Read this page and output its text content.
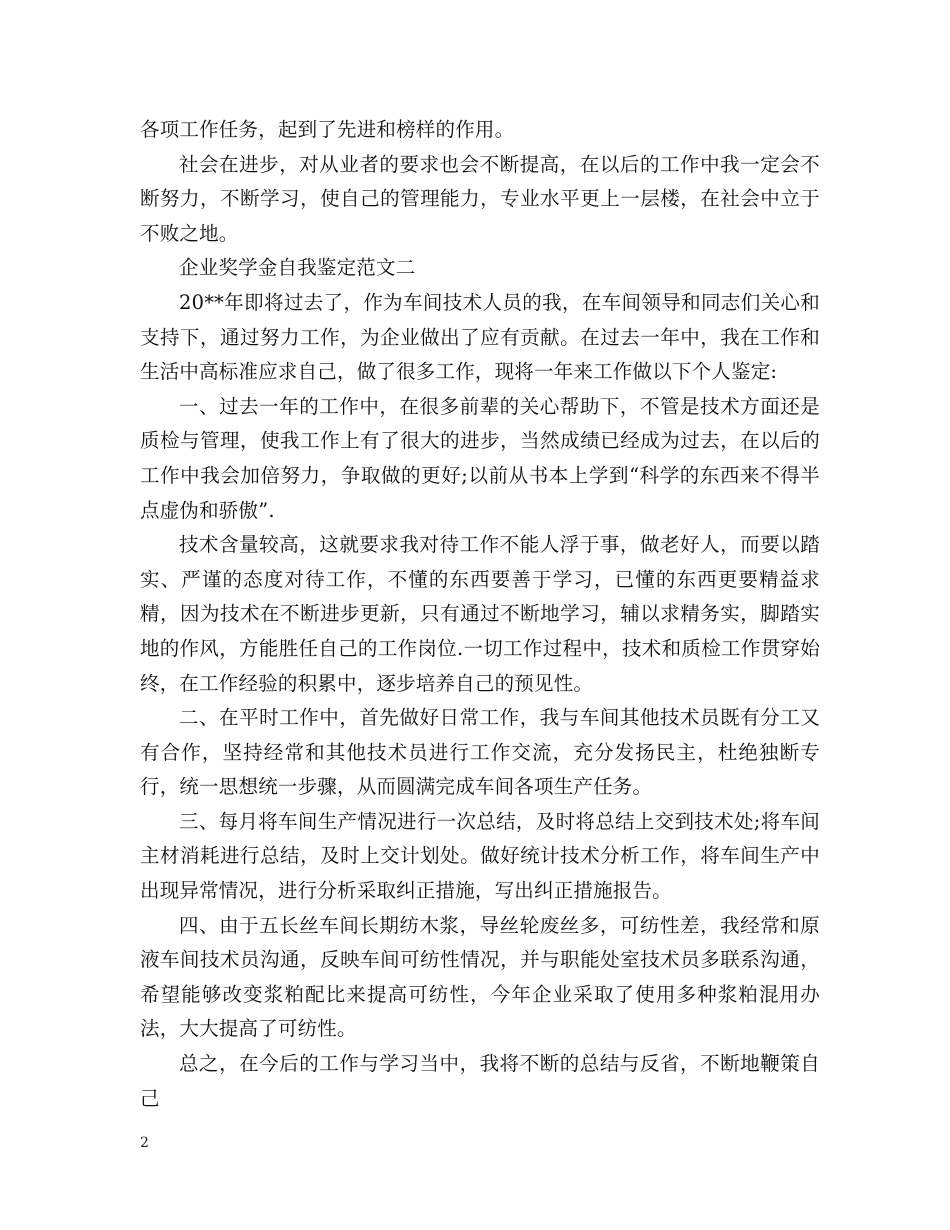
各项工作任务，起到了先进和榜样的作用。

社会在进步，对从业者的要求也会不断提高，在以后的工作中我一定会不断努力，不断学习，使自己的管理能力，专业水平更上一层楼，在社会中立于不败之地。

企业奖学金自我鉴定范文二

20**年即将过去了，作为车间技术人员的我，在车间领导和同志们关心和支持下，通过努力工作，为企业做出了应有贡献。在过去一年中，我在工作和生活中高标准应求自己，做了很多工作，现将一年来工作做以下个人鉴定:

一、过去一年的工作中，在很多前辈的关心帮助下，不管是技术方面还是质检与管理，使我工作上有了很大的进步，当然成绩已经成为过去，在以后的工作中我会加倍努力，争取做的更好;以前从书本上学到“科学的东西来不得半点虚伪和骄傲”.

技术含量较高，这就要求我对待工作不能人浮于事，做老好人，而要以踏实、严谨的态度对待工作，不懂的东西要善于学习，已懂的东西更要精益求精，因为技术在不断进步更新，只有通过不断地学习，辅以求精务实，脚踏实地的作风，方能胜任自己的工作岗位.一切工作过程中，技术和质检工作贯穿始终，在工作经验的积累中，逐步培养自己的预见性。

二、在平时工作中，首先做好日常工作，我与车间其他技术员既有分工又有合作，坚持经常和其他技术员进行工作交流，充分发扬民主，杜绝独断专行，统一思想统一步骤，从而圆满完成车间各项生产任务。

三、每月将车间生产情况进行一次总结，及时将总结上交到技术处;将车间主材消耗进行总结，及时上交计划处。做好统计技术分析工作，将车间生产中出现异常情况，进行分析采取纠正措施，写出纠正措施报告。

四、由于五长丝车间长期纺木浆，导丝轮废丝多，可纺性差，我经常和原液车间技术员沟通，反映车间可纺性情况，并与职能处室技术员多联系沟通，希望能够改变浆粕配比来提高可纺性，今年企业采取了使用多种浆粕混用办法，大大提高了可纺性。

总之，在今后的工作与学习当中，我将不断的总结与反省，不断地鞭策自己

2
